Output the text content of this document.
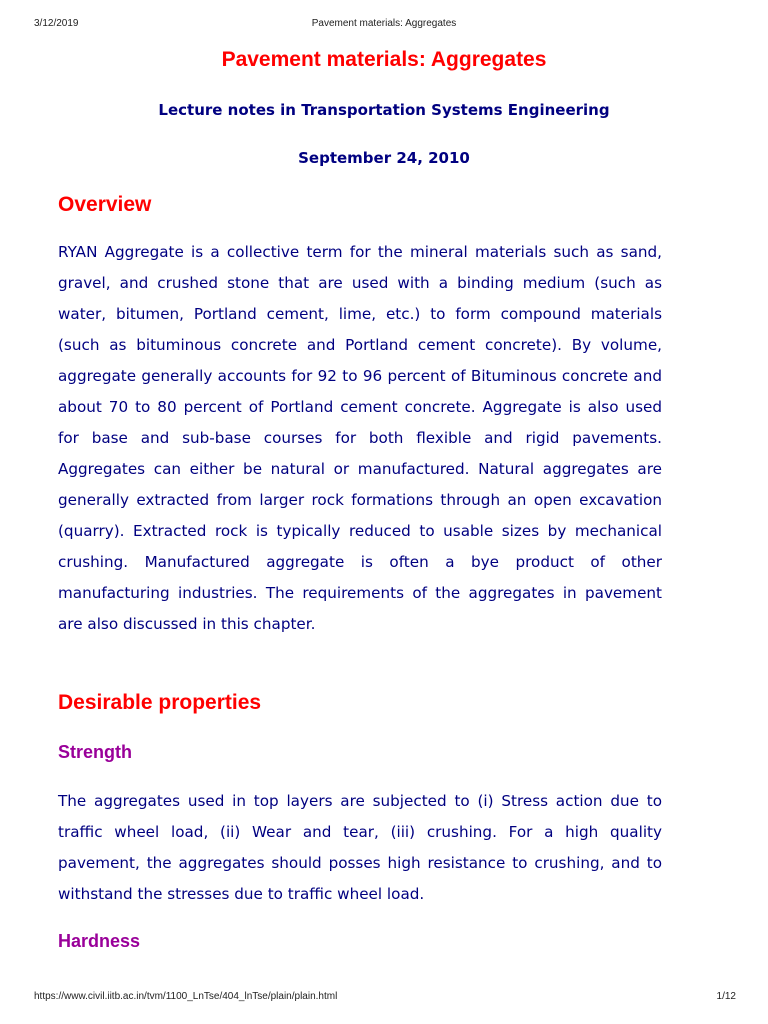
3/12/2019	Pavement materials: Aggregates
Pavement materials: Aggregates
Lecture notes in Transportation Systems Engineering
September 24, 2010
Overview

RYAN Aggregate is a collective term for the mineral materials such as sand, gravel, and crushed stone that are used with a binding medium (such as water, bitumen, Portland cement, lime, etc.) to form compound materials (such as bituminous concrete and Portland cement concrete). By volume, aggregate generally accounts for 92 to 96 percent of Bituminous concrete and about 70 to 80 percent of Portland cement concrete. Aggregate is also used for base and sub-base courses for both flexible and rigid pavements. Aggregates can either be natural or manufactured. Natural aggregates are generally extracted from larger rock formations through an open excavation (quarry). Extracted rock is typically reduced to usable sizes by mechanical crushing. Manufactured aggregate is often a bye product of other manufacturing industries. The requirements of the aggregates in pavement are also discussed in this chapter.

Desirable properties
Strength

The aggregates used in top layers are subjected to (i) Stress action due to traffic wheel load, (ii) Wear and tear, (iii) crushing. For a high quality pavement, the aggregates should posses high resistance to crushing, and to withstand the stresses due to traffic wheel load.

Hardness
https://www.civil.iitb.ac.in/tvm/1100_LnTse/404_lnTse/plain/plain.html	1/12
